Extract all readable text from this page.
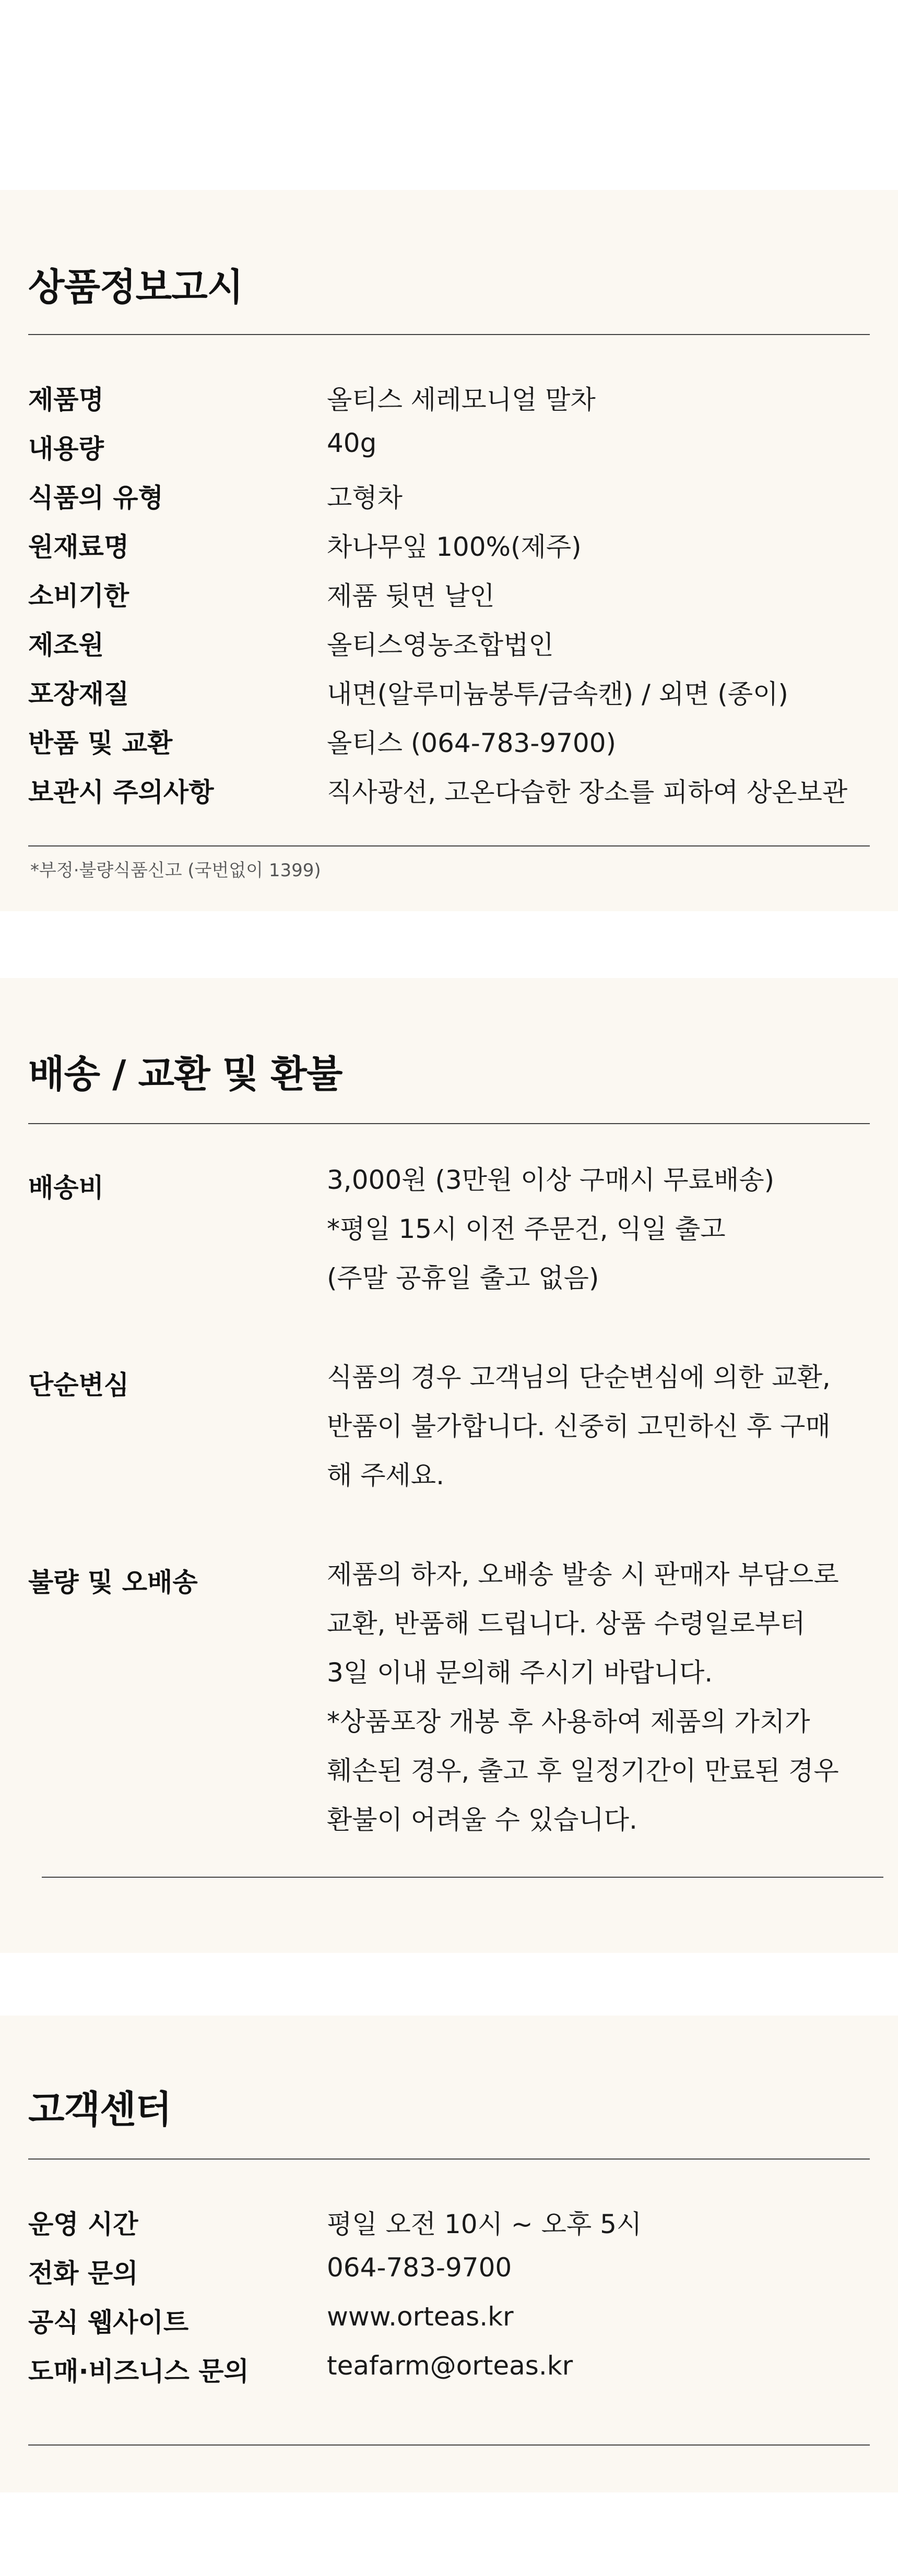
상품정보고시
제품명	올티스 세레모니얼 말차
내용량	40g
식품의 유형	고형차
원재료명	차나무잎 100%(제주)
소비기한	제품 뒷면 날인
제조원	올티스영농조합법인
포장재질	내면(알루미늄봉투/금속캔) / 외면 (종이)
반품 및 교환	올티스 (064-783-9700)
보관시 주의사항	직사광선, 고온다습한 장소를 피하여 상온보관
*부정·불량식품신고 (국번없이 1399)
배송 / 교환 및 환불
배송비	3,000원 (3만원 이상 구매시 무료배송)
*평일 15시 이전 주문건, 익일 출고
(주말 공휴일 출고 없음)
단순변심	식품의 경우 고객님의 단순변심에 의한 교환,
반품이 불가합니다. 신중히 고민하신 후 구매
해 주세요.
불량 및 오배송	제품의 하자, 오배송 발송 시 판매자 부담으로
교환, 반품해 드립니다. 상품 수령일로부터
3일 이내 문의해 주시기 바랍니다.
*상품포장 개봉 후 사용하여 제품의 가치가
훼손된 경우, 출고 후 일정기간이 만료된 경우
환불이 어려울 수 있습니다.
고객센터
운영 시간	평일 오전 10시 ~ 오후 5시
전화 문의	064-783-9700
공식 웹사이트	www.orteas.kr
도매·비즈니스 문의	teafarm@orteas.kr
